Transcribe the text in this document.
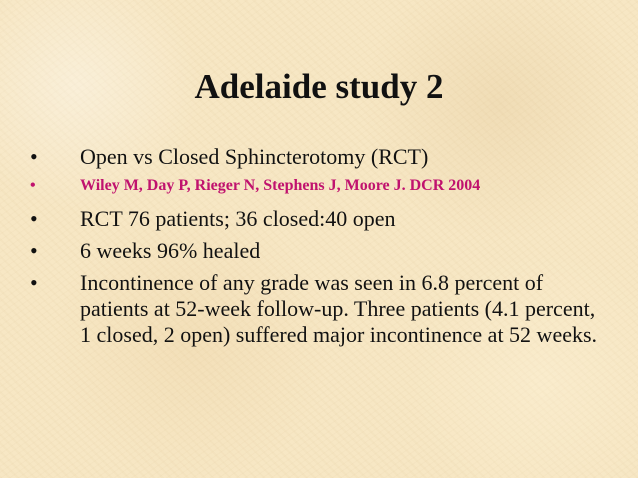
Adelaide study 2
• Open vs Closed Sphincterotomy (RCT)
•	Wiley M, Day P, Rieger N, Stephens J, Moore J. DCR 2004
• RCT 76 patients; 36 closed:40 open
• 6 weeks 96% healed
• Incontinence of any grade was seen in 6.8 percent of patients at 52-week follow-up. Three patients (4.1 percent, 1 closed, 2 open) suffered major incontinence at 52 weeks.
